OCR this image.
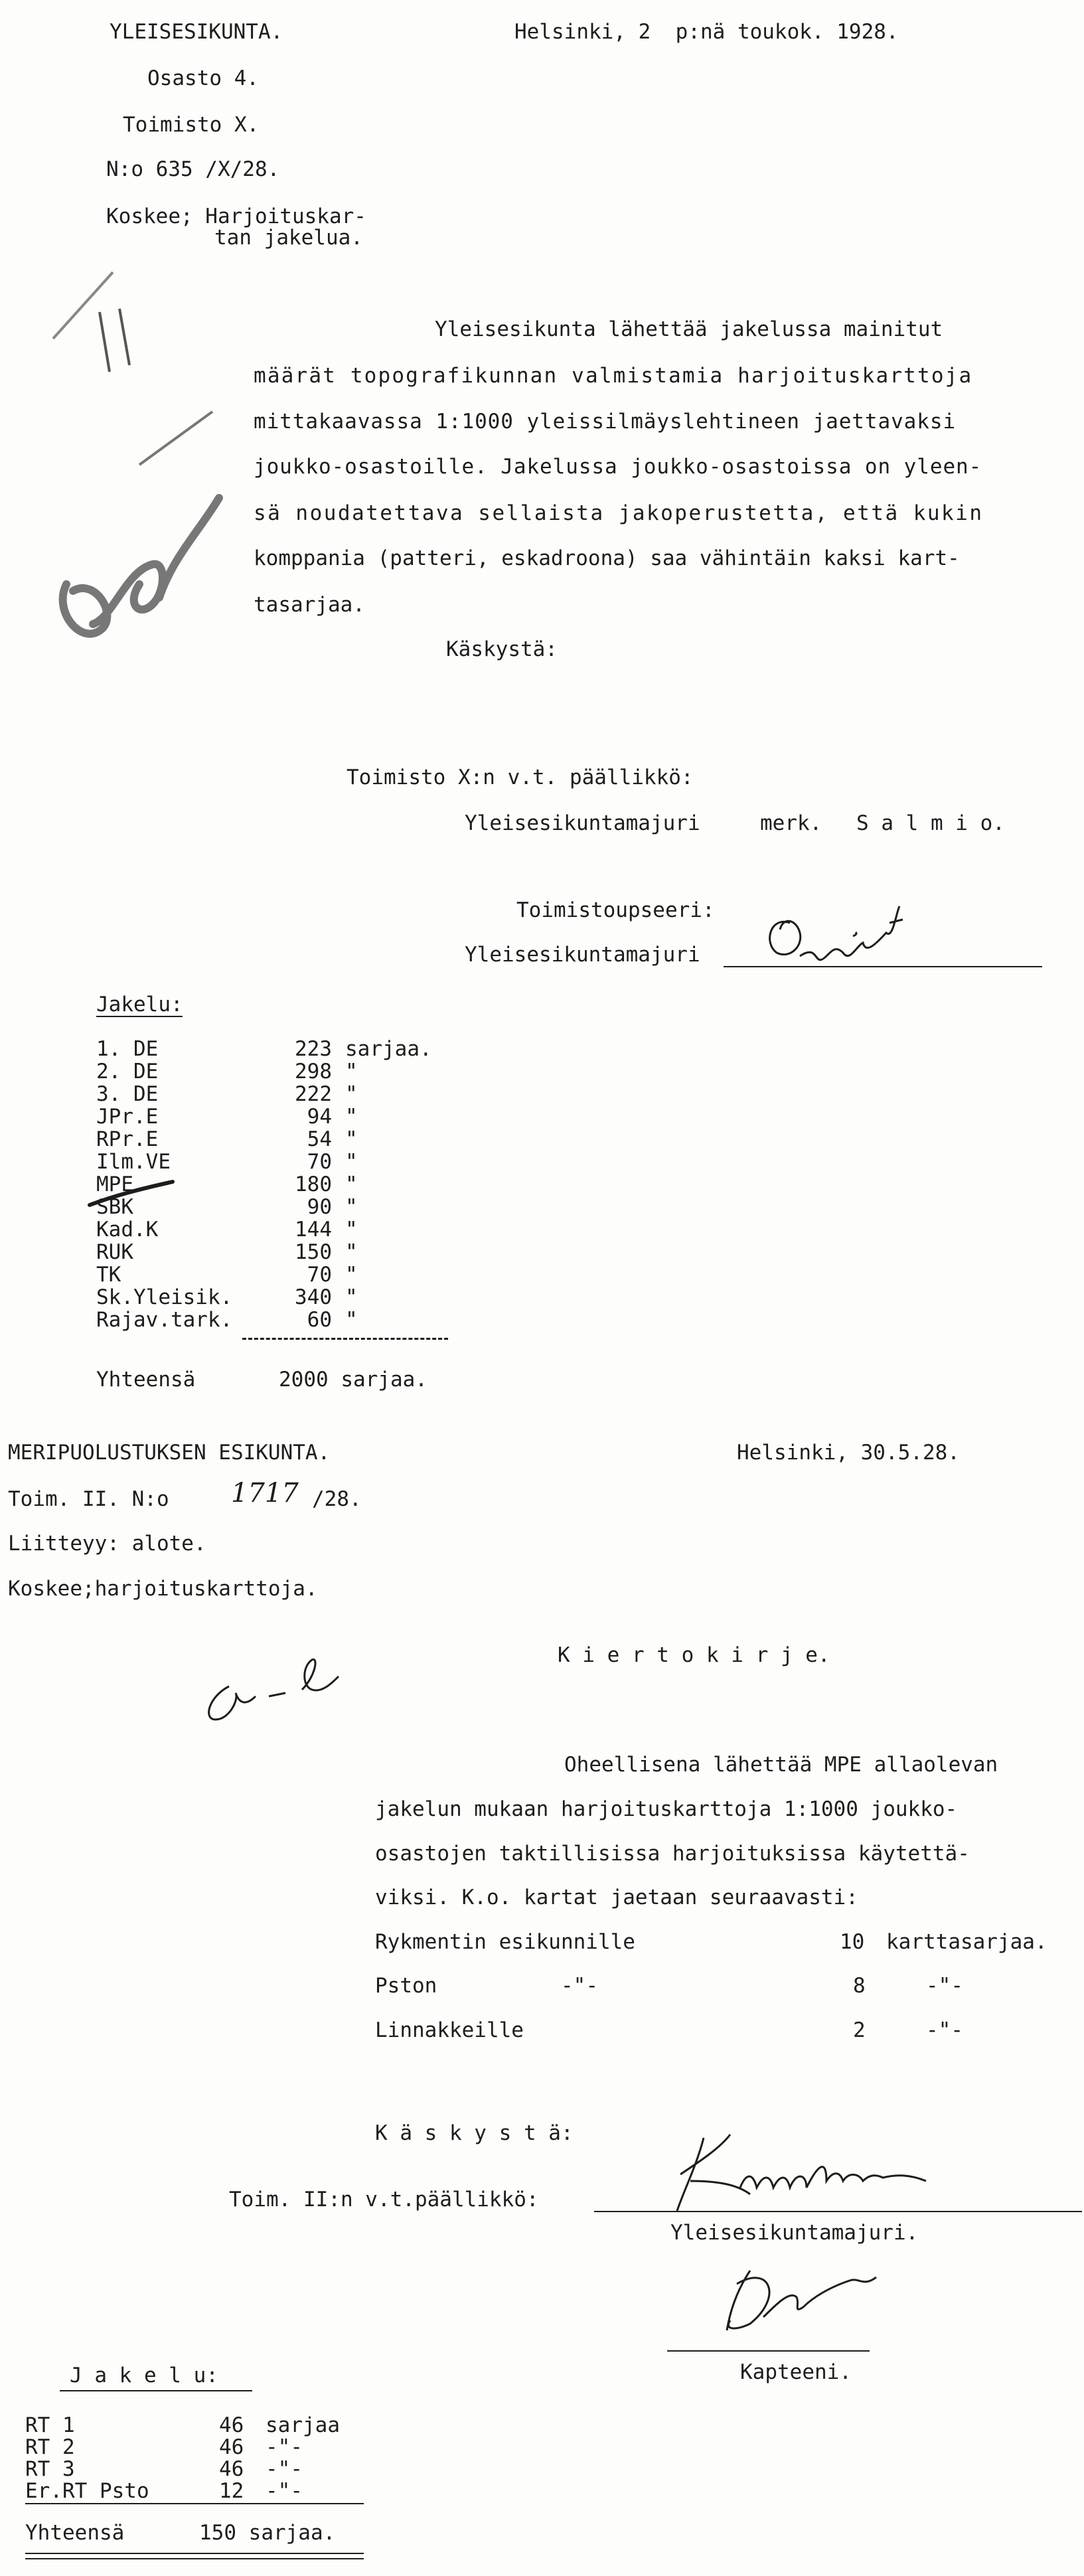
YLEISESIKUNTA.
Osasto 4.
Toimisto X.
N:o 635 /X/28.
Helsinki, 2  p:nä toukok. 1928.
Koskee; Harjoituskar-
tan jakelua.
Yleisesikunta lähettää jakelussa mainitut
määrät topografikunnan valmistamia harjoituskarttoja
mittakaavassa 1:1000 yleissilmäyslehtineen jaettavaksi
joukko-osastoille. Jakelussa joukko-osastoissa on yleen-
sä noudatettava sellaista jakoperustetta, että kukin
komppania (patteri, eskadroona) saa vähintäin kaksi kart-
tasarjaa.
Käskystä:
Toimisto X:n v.t. päällikkö:
Yleisesikuntamajuri	merk. S a l m i o.
Toimistoupseeri:
Yleisesikuntamajuri
Jakelu:
1. DE	223 sarjaa.
2. DE	298 "
3. DE	222 "
JPr.E	94 "
RPr.E	54 "
Ilm.VE	70 "
MPE	180 "
SBK	90 "
Kad.K	144 "
RUK	150 "
TK	70 "
Sk.Yleisik.	340 "
Rajav.tark.	60 "
Yhteensä	2000 sarjaa.
MERIPUOLUSTUKSEN ESIKUNTA.	Helsinki, 30.5.28.
Toim. II. N:o 1717 /28.
Liitteyy: alote.
Koskee;harjoituskarttoja.
K i e r t o k i r j e.
Oheellisena lähettää MPE allaolevan
jakelun mukaan harjoituskarttoja 1:1000 joukko-
osastojen taktillisissa harjoituksissa käytettä-
viksi. K.o. kartat jaetaan seuraavasti:
Rykmentin esikunnille	10 karttasarjaa.
Pston	-"-	8	-"-
Linnakkeille	2	-"-
K ä s k y s t ä:
Toim. II:n v.t.päällikkö:
Yleisesikuntamajuri.
Kapteeni.
J a k e l u:
RT 1	46 sarjaa
RT 2	46 -"-
RT 3	46 -"-
Er.RT Psto	12 -"-
Yhteensä	150 sarjaa.
